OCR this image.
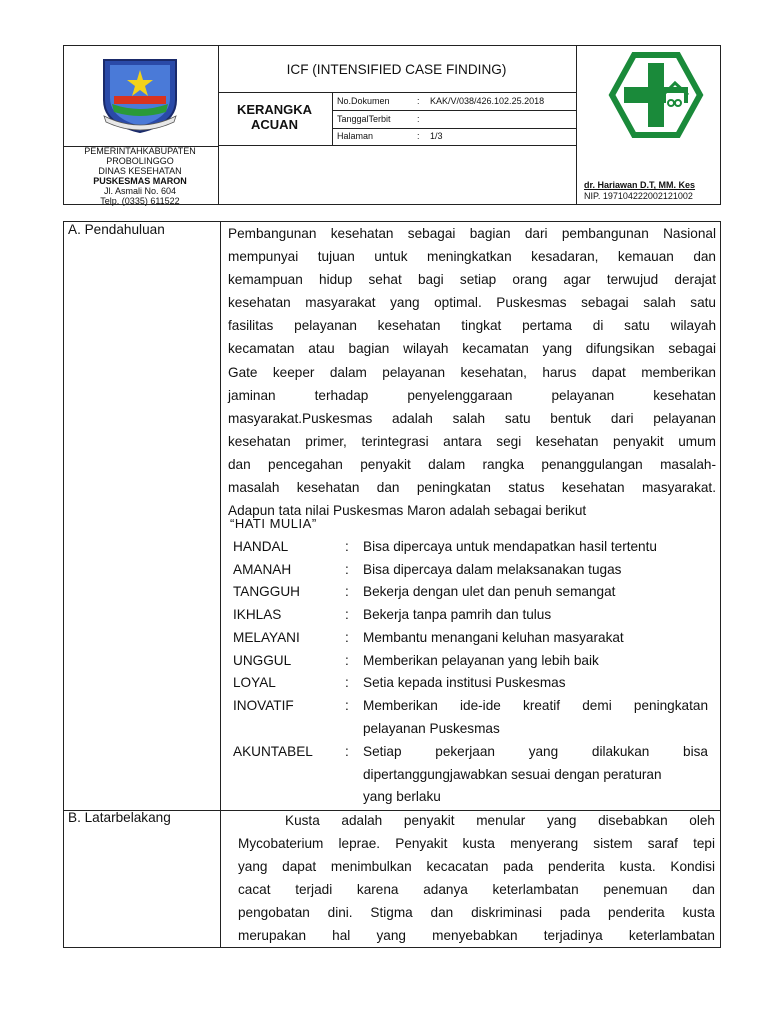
PEMERINTAHKABUPATEN
PROBOLINGGO
DINAS KESEHATAN
PUSKESMAS MARON
Jl. Asmali No. 604
Telp. (0335) 611522
ICF (INTENSIFIED CASE FINDING)
KERANGKA
ACUAN
No.Dokumen	: KAK/V/038/426.102.25.2018
TanggalTerbit	:
Halaman	: 1/3
dr. Hariawan D.T, MM. Kes
NIP. 197104222002121002
A. Pendahuluan	Pembangunan kesehatan sebagai bagian dari pembangunan Nasional
mempunyai tujuan untuk meningkatkan kesadaran, kemauan dan
kemampuan hidup sehat bagi setiap orang agar terwujud derajat
kesehatan masyarakat yang optimal. Puskesmas sebagai salah satu
fasilitas pelayanan kesehatan tingkat pertama di satu wilayah
kecamatan atau bagian wilayah kecamatan yang difungsikan sebagai
Gate keeper dalam pelayanan kesehatan, harus dapat memberikan
jaminan terhadap penyelenggaraan pelayanan kesehatan
masyarakat.Puskesmas adalah salah satu bentuk dari pelayanan
kesehatan primer, terintegrasi antara segi kesehatan penyakit umum
dan pencegahan penyakit dalam rangka penanggulangan masalah-
masalah kesehatan dan peningkatan status kesehatan masyarakat.
Adapun tata nilai Puskesmas Maron adalah sebagai berikut
“HATI MULIA”
HANDAL	: Bisa dipercaya untuk mendapatkan hasil tertentu
AMANAH	: Bisa dipercaya dalam melaksanakan tugas
TANGGUH	: Bekerja dengan ulet dan penuh semangat
IKHLAS	: Bekerja tanpa pamrih dan tulus
MELAYANI	: Membantu menangani keluhan masyarakat
UNGGUL	: Memberikan pelayanan yang lebih baik
LOYAL	: Setia kepada institusi Puskesmas
INOVATIF	: Memberikan ide-ide kreatif demi peningkatan
pelayanan Puskesmas
AKUNTABEL : Setiap pekerjaan yang dilakukan bisa
dipertanggungjawabkan sesuai dengan peraturan
yang berlaku
B. Latarbelakang	Kusta adalah penyakit menular yang disebabkan oleh
Mycobaterium leprae. Penyakit kusta menyerang sistem saraf tepi
yang dapat menimbulkan kecacatan pada penderita kusta. Kondisi
cacat terjadi karena adanya keterlambatan penemuan dan
pengobatan dini. Stigma dan diskriminasi pada penderita kusta
merupakan hal yang menyebabkan terjadinya keterlambatan
